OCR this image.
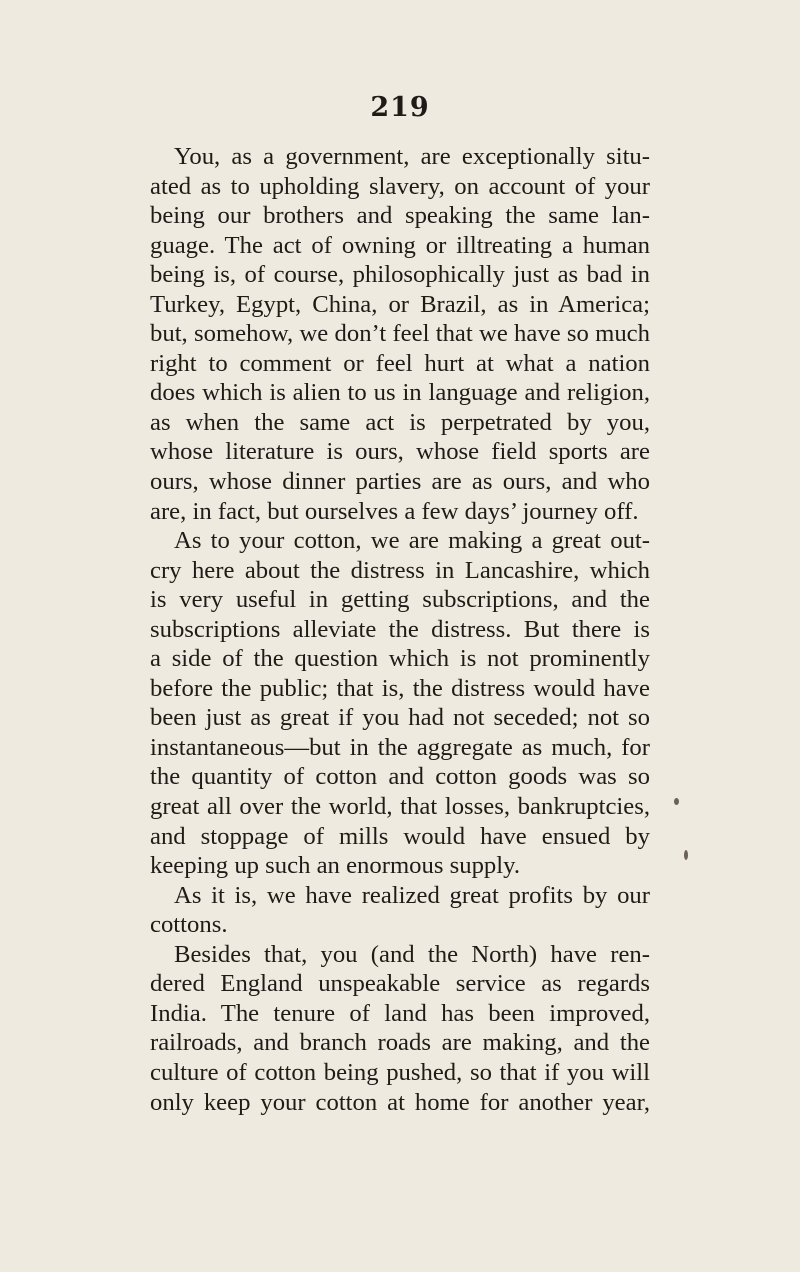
219
You, as a government, are exceptionally situ-
ated as to upholding slavery, on account of your
being our brothers and speaking the same lan-
guage. The act of owning or illtreating a human
being is, of course, philosophically just as bad in
Turkey, Egypt, China, or Brazil, as in America;
but, somehow, we don’t feel that we have so much
right to comment or feel hurt at what a nation
does which is alien to us in language and religion,
as when the same act is perpetrated by you,
whose literature is ours, whose field sports are
ours, whose dinner parties are as ours, and who
are, in fact, but ourselves a few days’ journey off.
As to your cotton, we are making a great out-
cry here about the distress in Lancashire, which
is very useful in getting subscriptions, and the
subscriptions alleviate the distress. But there is
a side of the question which is not prominently
before the public; that is, the distress would have
been just as great if you had not seceded; not so
instantaneous—but in the aggregate as much, for
the quantity of cotton and cotton goods was so
great all over the world, that losses, bankruptcies,
and stoppage of mills would have ensued by
keeping up such an enormous supply.
As it is, we have realized great profits by our
cottons.
Besides that, you (and the North) have ren-
dered England unspeakable service as regards
India. The tenure of land has been improved,
railroads, and branch roads are making, and the
culture of cotton being pushed, so that if you will
only keep your cotton at home for another year,
